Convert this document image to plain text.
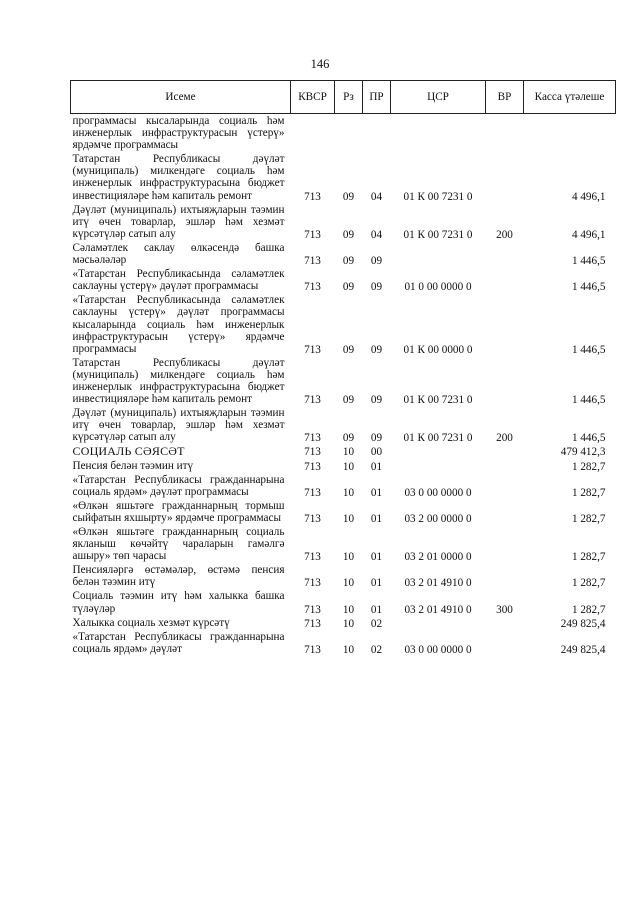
146
Исеме	КВСР	Рз	ПР	ЦСР	ВР	Касса үтәлеше
программасы кысаларында социаль һәм инженерлык инфраструктурасын үстерү» ярдәмче программасы						
Татарстан Республикасы дәүләт (муниципаль) милкендәге социаль һәм инженерлык инфраструктурасына бюджет инвестицияләре һәм капиталь ремонт	713	09	04	01 К 00 7231 0		4 496,1
Дәүләт (муниципаль) ихтыяҗларын тәэмин итү өчен товарлар, эшләр һәм хезмәт күрсәтүләр сатып алу	713	09	04	01 К 00 7231 0	200	4 496,1
Сәламәтлек саклау өлкәсендә башка мәсьәләләр	713	09	09			1 446,5
«Татарстан Республикасында сәламәтлек саклауны үстерү» дәүләт программасы	713	09	09	01 0 00 0000 0		1 446,5
«Татарстан Республикасында сәламәтлек саклауны үстерү» дәүләт программасы кысаларында социаль һәм инженерлык инфраструктурасын үстерү» ярдәмче программасы	713	09	09	01 К 00 0000 0		1 446,5
Татарстан Республикасы дәүләт (муниципаль) милкендәге социаль һәм инженерлык инфраструктурасына бюджет инвестицияләре һәм капиталь ремонт	713	09	09	01 К 00 7231 0		1 446,5
Дәүләт (муниципаль) ихтыяҗларын тәэмин итү өчен товарлар, эшләр һәм хезмәт күрсәтүләр сатып алу	713	09	09	01 К 00 7231 0	200	1 446,5
СОЦИАЛЬ СӘЯСӘТ	713	10	00			479 412,3
Пенсия белән тәэмин итү	713	10	01			1 282,7
«Татарстан Республикасы гражданнарына социаль ярдәм» дәүләт программасы	713	10	01	03 0 00 0000 0		1 282,7
«Өлкән яшьтәге гражданнарның тормыш сыйфатын яхшырту» ярдәмче программасы	713	10	01	03 2 00 0000 0		1 282,7
«Өлкән яшьтәге гражданнарның социаль якланыш көчәйтү чараларын гамәлгә ашыру» төп чарасы	713	10	01	03 2 01 0000 0		1 282,7
Пенсияләргә өстәмәләр, өстәмә пенсия белән тәэмин итү	713	10	01	03 2 01 4910 0		1 282,7
Социаль тәэмин итү һәм халыкка башка түләүләр	713	10	01	03 2 01 4910 0	300	1 282,7
Халыкка социаль хезмәт күрсәтү	713	10	02			249 825,4
«Татарстан Республикасы гражданнарына социаль ярдәм» дәүләт	713	10	02	03 0 00 0000 0		249 825,4
